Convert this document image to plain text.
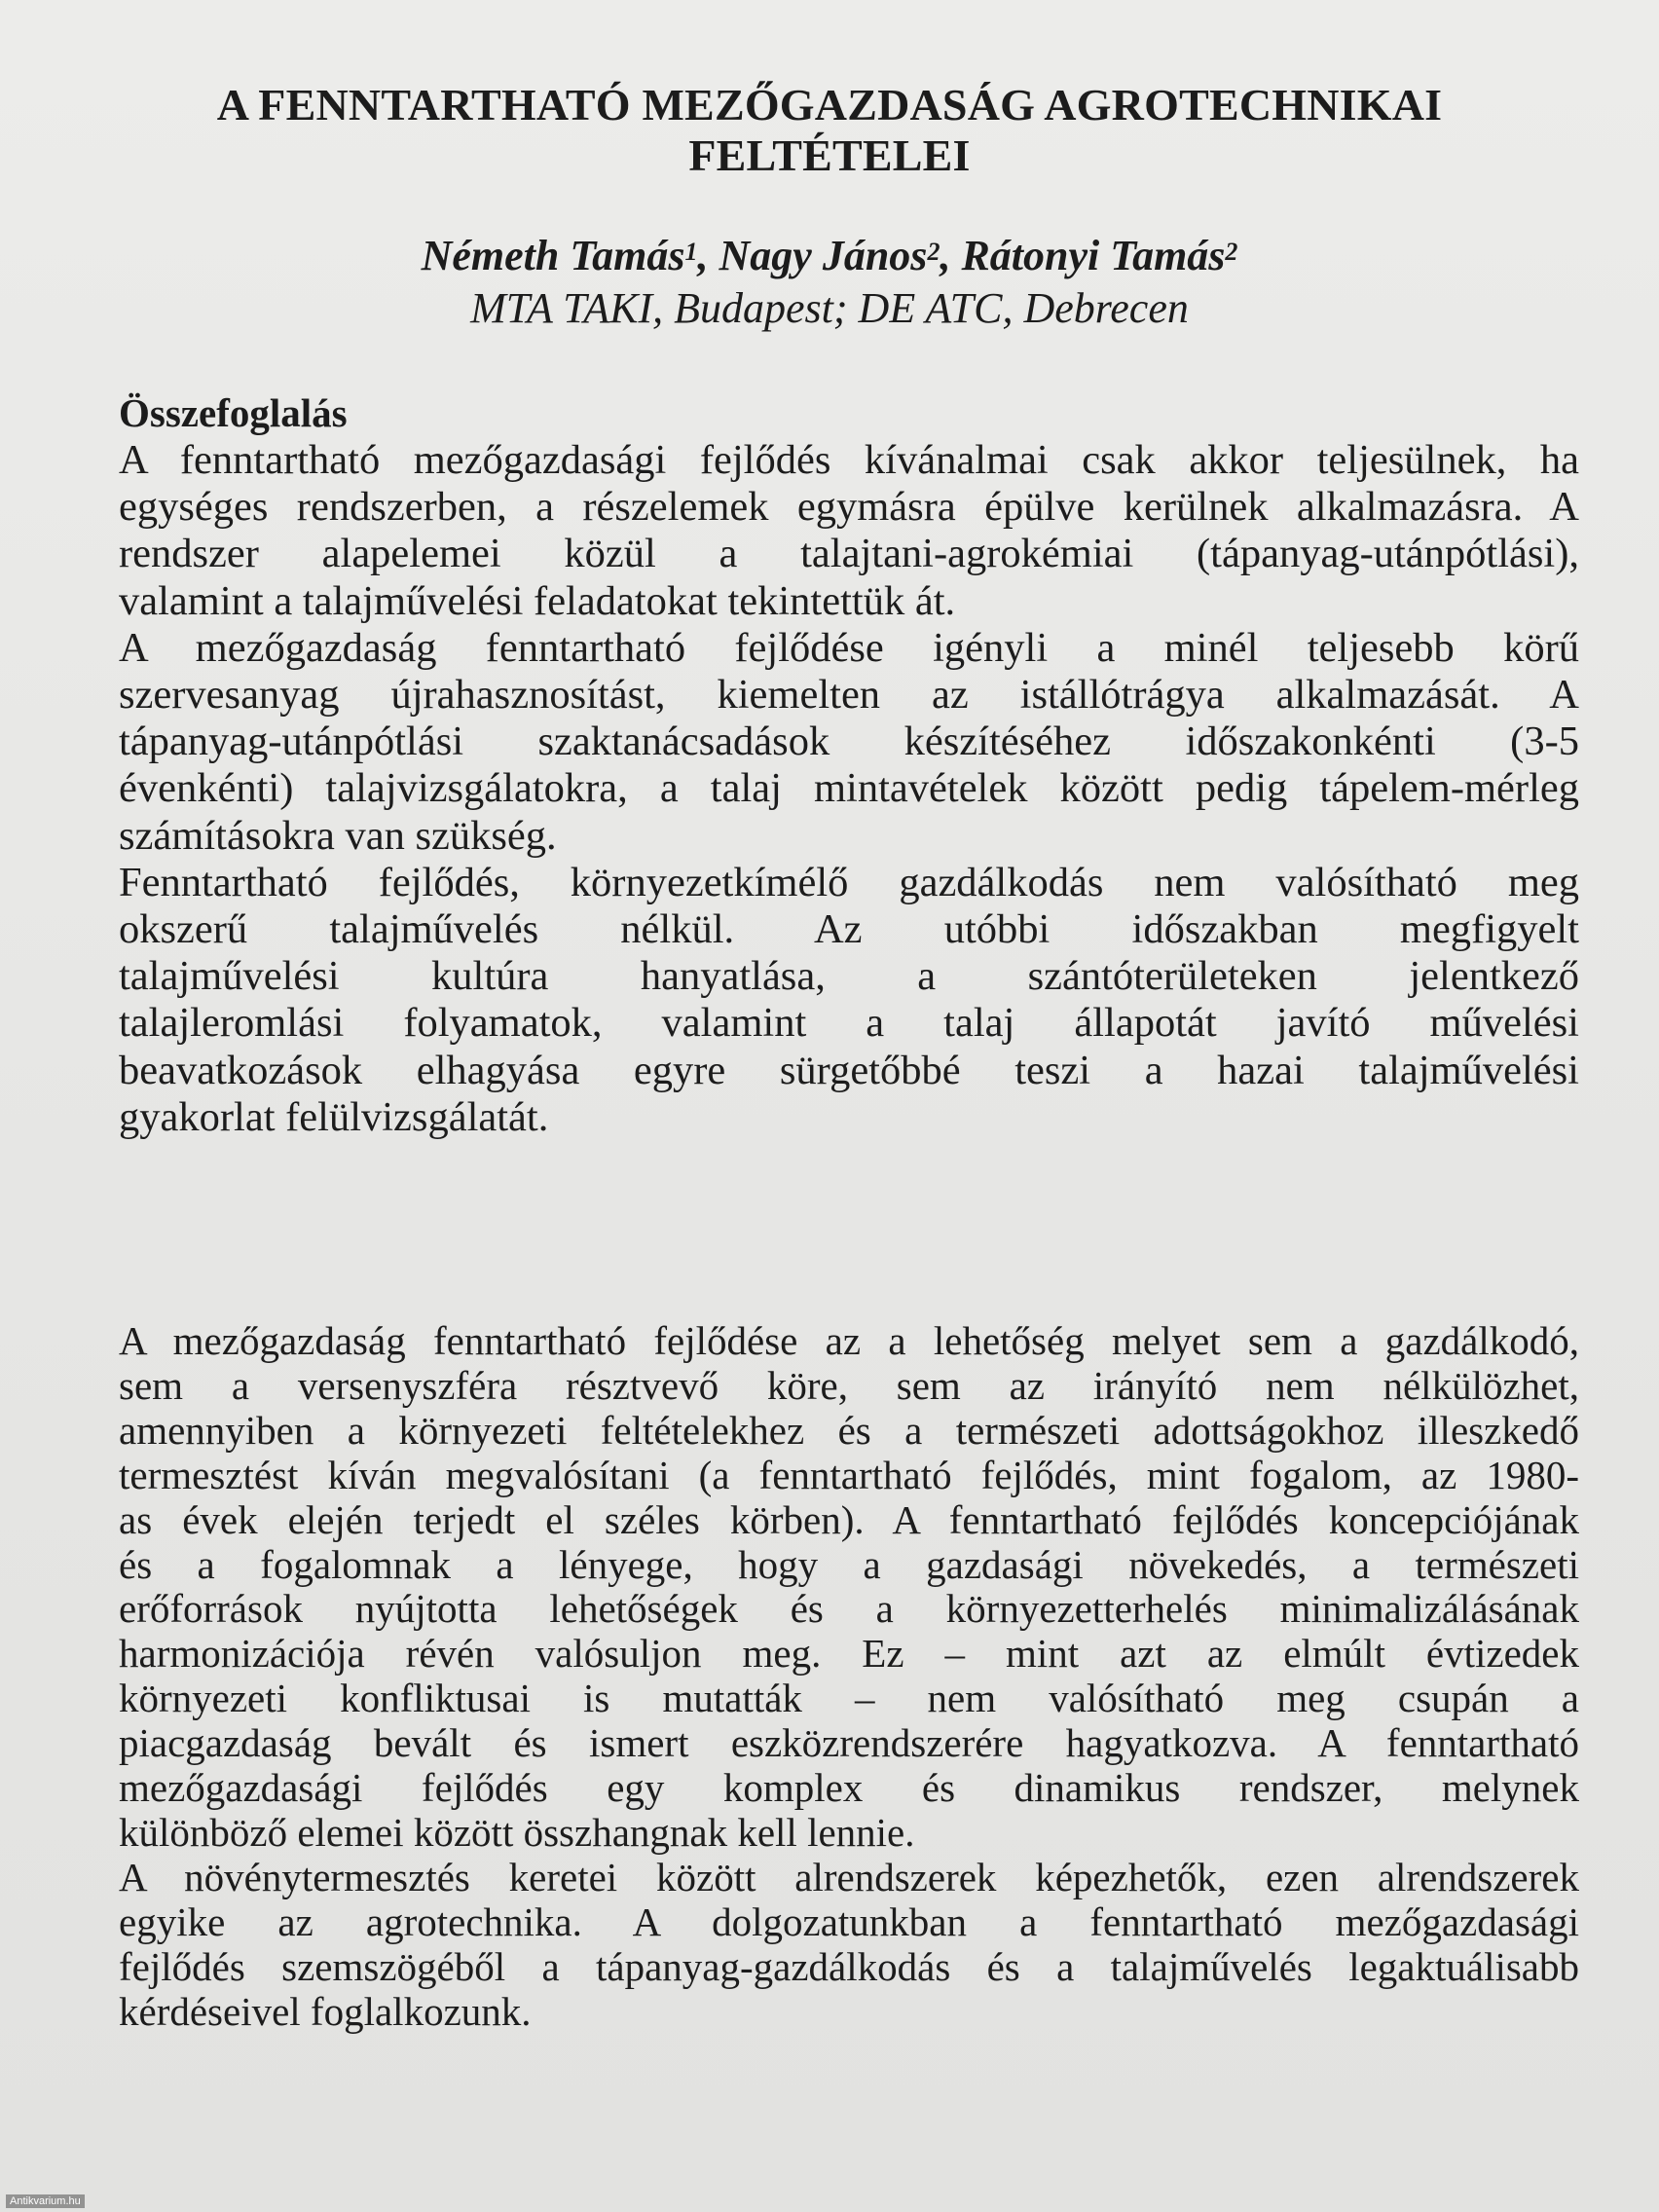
A FENNTARTHATÓ MEZŐGAZDASÁG AGROTECHNIKAI
FELTÉTELEI
Németh Tamás$^1$, Nagy János$^2$, Rátonyi Tamás$^2$
MTA TAKI, Budapest; DE ATC, Debrecen
Összefoglalás
A fenntartható mezőgazdasági fejlődés kívánalmai csak akkor teljesülnek, ha
egységes rendszerben, a részelemek egymásra épülve kerülnek alkalmazásra. A
rendszer alapelemei közül a talajtani-agrokémiai (tápanyag-utánpótlási),
valamint a talajművelési feladatokat tekintettük át.
A mezőgazdaság fenntartható fejlődése igényli a minél teljesebb körű
szervesanyag újrahasznosítást, kiemelten az istállótrágya alkalmazását. A
tápanyag-utánpótlási szaktanácsadások készítéséhez időszakonkénti (3-5
évenkénti) talajvizsgálatokra, a talaj mintavételek között pedig tápelem-mérleg
számításokra van szükség.
Fenntartható fejlődés, környezetkímélő gazdálkodás nem valósítható meg
okszerű talajművelés nélkül. Az utóbbi időszakban megfigyelt
talajművelési kultúra hanyatlása, a szántóterületeken jelentkező
talajleromlási folyamatok, valamint a talaj állapotát javító művelési
beavatkozások elhagyása egyre sürgetőbbé teszi a hazai talajművelési
gyakorlat felülvizsgálatát.
A mezőgazdaság fenntartható fejlődése az a lehetőség melyet sem a gazdálkodó,
sem a versenyszféra résztvevő köre, sem az irányító nem nélkülözhet,
amennyiben a környezeti feltételekhez és a természeti adottságokhoz illeszkedő
termesztést kíván megvalósítani (a fenntartható fejlődés, mint fogalom, az 1980-
as évek elején terjedt el széles körben). A fenntartható fejlődés koncepciójának
és a fogalomnak a lényege, hogy a gazdasági növekedés, a természeti
erőforrások nyújtotta lehetőségek és a környezetterhelés minimalizálásának
harmonizációja révén valósuljon meg. Ez – mint azt az elmúlt évtizedek
környezeti konfliktusai is mutatták – nem valósítható meg csupán a
piacgazdaság bevált és ismert eszközrendszerére hagyatkozva. A fenntartható
mezőgazdasági fejlődés egy komplex és dinamikus rendszer, melynek
különböző elemei között összhangnak kell lennie.
A növénytermesztés keretei között alrendszerek képezhetők, ezen alrendszerek
egyike az agrotechnika. A dolgozatunkban a fenntartható mezőgazdasági
fejlődés szemszögéből a tápanyag-gazdálkodás és a talajművelés legaktuálisabb
kérdéseivel foglalkozunk.
Antikvarium.hu
